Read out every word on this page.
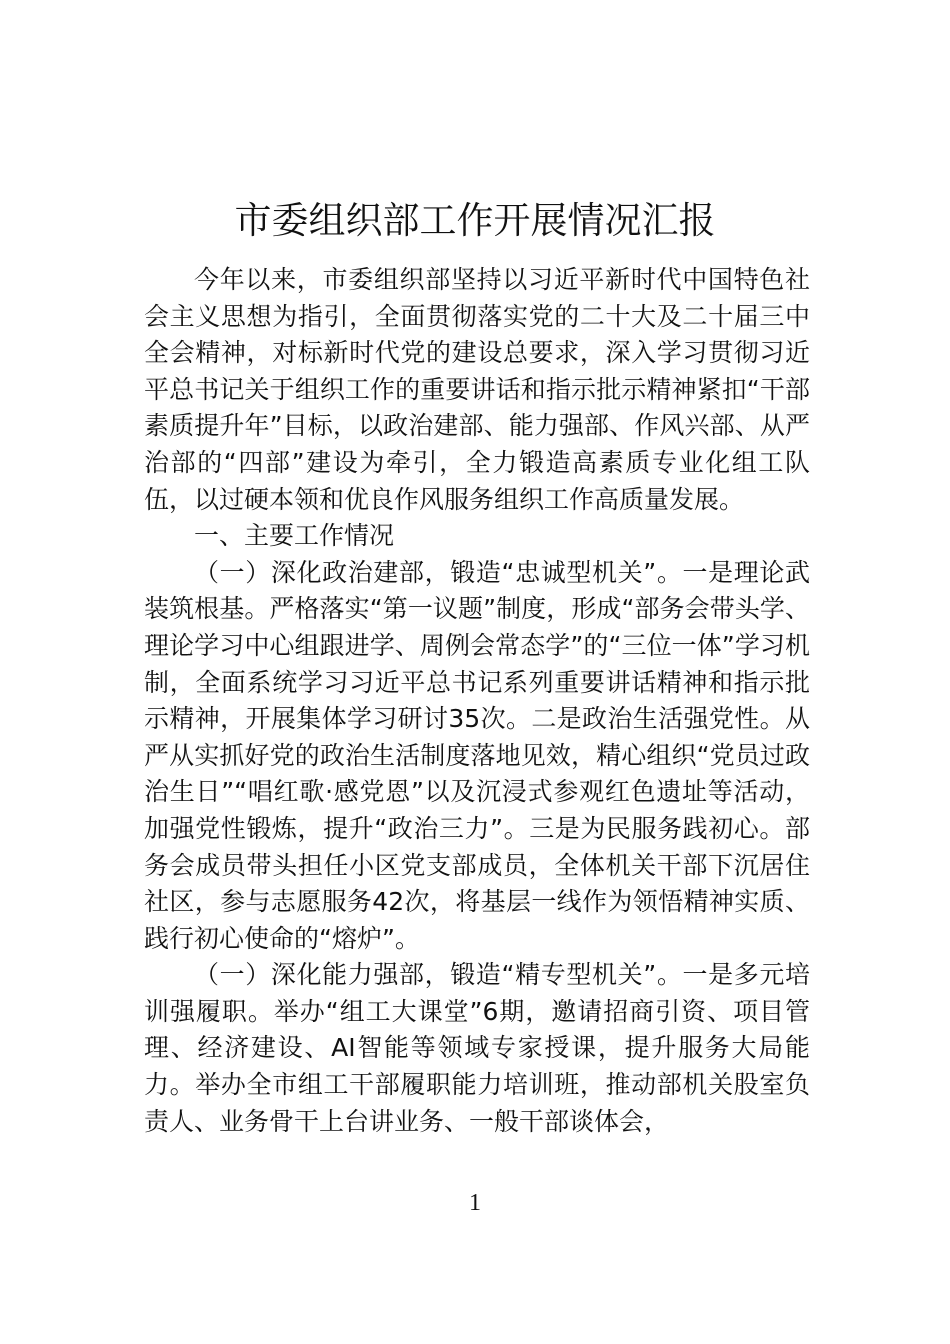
市委组织部工作开展情况汇报

今年以来，市委组织部坚持以习近平新时代中国特色社会主义思想为指引，全面贯彻落实党的二十大及二十届三中全会精神，对标新时代党的建设总要求，深入学习贯彻习近平总书记关于组织工作的重要讲话和指示批示精神紧扣“干部素质提升年”目标，以政治建部、能力强部、作风兴部、从严治部的“四部”建设为牵引，全力锻造高素质专业化组工队伍，以过硬本领和优良作风服务组织工作高质量发展。

一、主要工作情况

（一）深化政治建部，锻造“忠诚型机关”。一是理论武装筑根基。严格落实“第一议题”制度，形成“部务会带头学、理论学习中心组跟进学、周例会常态学”的“三位一体”学习机制，全面系统学习习近平总书记系列重要讲话精神和指示批示精神，开展集体学习研讨35次。二是政治生活强党性。从严从实抓好党的政治生活制度落地见效，精心组织“党员过政治生日”“唱红歌·感党恩”以及沉浸式参观红色遗址等活动，加强党性锻炼，提升“政治三力”。三是为民服务践初心。部务会成员带头担任小区党支部成员，全体机关干部下沉居住社区，参与志愿服务42次，将基层一线作为领悟精神实质、践行初心使命的“熔炉”。

（一）深化能力强部，锻造“精专型机关”。一是多元培训强履职。举办“组工大课堂”6期，邀请招商引资、项目管理、经济建设、AI智能等领域专家授课，提升服务大局能力。举办全市组工干部履职能力培训班，推动部机关股室负责人、业务骨干上台讲业务、一般干部谈体会，

1
